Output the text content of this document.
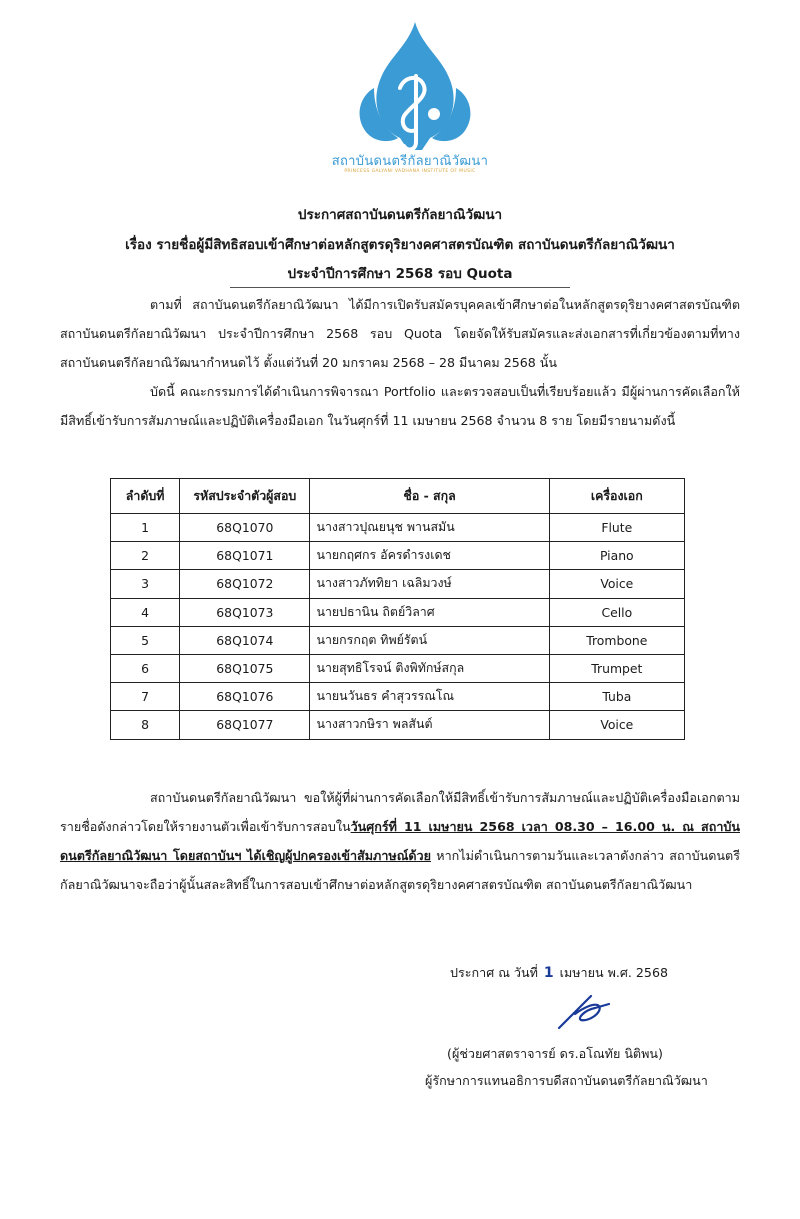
สถาบันดนตรีกัลยาณิวัฒนา
PRINCESS GALYANI VADHANA INSTITUTE OF MUSIC
ประกาศสถาบันดนตรีกัลยาณิวัฒนา
เรื่อง รายชื่อผู้มีสิทธิสอบเข้าศึกษาต่อหลักสูตรดุริยางคศาสตรบัณฑิต สถาบันดนตรีกัลยาณิวัฒนา
ประจำปีการศึกษา 2568 รอบ Quota
ตามที่ สถาบันดนตรีกัลยาณิวัฒนา ได้มีการเปิดรับสมัครบุคคลเข้าศึกษาต่อในหลักสูตรดุริยางคศาสตรบัณฑิต สถาบันดนตรีกัลยาณิวัฒนา ประจำปีการศึกษา 2568 รอบ Quota โดยจัดให้รับสมัครและส่งเอกสารที่เกี่ยวข้องตามที่ทาง สถาบันดนตรีกัลยาณิวัฒนากำหนดไว้ ตั้งแต่วันที่ 20 มกราคม 2568 – 28 มีนาคม 2568 นั้น
บัดนี้ คณะกรรมการได้ดำเนินการพิจารณา Portfolio และตรวจสอบเป็นที่เรียบร้อยแล้ว มีผู้ผ่านการคัดเลือกให้มีสิทธิ์เข้ารับการสัมภาษณ์และปฏิบัติเครื่องมือเอก ในวันศุกร์ที่ 11 เมษายน 2568 จำนวน 8 ราย โดยมีรายนามดังนี้
ลำดับที่	รหัสประจำตัวผู้สอบ	ชื่อ - สกุล	เครื่องเอก
1	68Q1070	นางสาวปุณยนุช พานสมัน	Flute
2	68Q1071	นายกฤศกร อัครดำรงเดช	Piano
3	68Q1072	นางสาวภัททิยา เฉลิมวงษ์	Voice
4	68Q1073	นายปธานิน ถิตย์วิลาศ	Cello
5	68Q1074	นายกรกฤต ทิพย์รัตน์	Trombone
6	68Q1075	นายสุทธิโรจน์ ติงพิทักษ์สกุล	Trumpet
7	68Q1076	นายนวันธร คำสุวรรณโณ	Tuba
8	68Q1077	นางสาวกษิรา พลสันต์	Voice
สถาบันดนตรีกัลยาณิวัฒนา ขอให้ผู้ที่ผ่านการคัดเลือกให้มีสิทธิ์เข้ารับการสัมภาษณ์และปฏิบัติเครื่องมือเอกตามรายชื่อดังกล่าวโดยให้รายงานตัวเพื่อเข้ารับการสอบในวันศุกร์ที่ 11 เมษายน 2568 เวลา 08.30 – 16.00 น. ณ สถาบันดนตรีกัลยาณิวัฒนา โดยสถาบันฯ ได้เชิญผู้ปกครองเข้าสัมภาษณ์ด้วย หากไม่ดำเนินการตามวันและเวลาดังกล่าว สถาบันดนตรีกัลยาณิวัฒนาจะถือว่าผู้นั้นสละสิทธิ์ในการสอบเข้าศึกษาต่อหลักสูตรดุริยางคศาสตรบัณฑิต สถาบันดนตรีกัลยาณิวัฒนา
ประกาศ ณ วันที่ 1 เมษายน พ.ศ. 2568
(ผู้ช่วยศาสตราจารย์ ดร.อโณทัย นิติพน)
ผู้รักษาการแทนอธิการบดีสถาบันดนตรีกัลยาณิวัฒนา
